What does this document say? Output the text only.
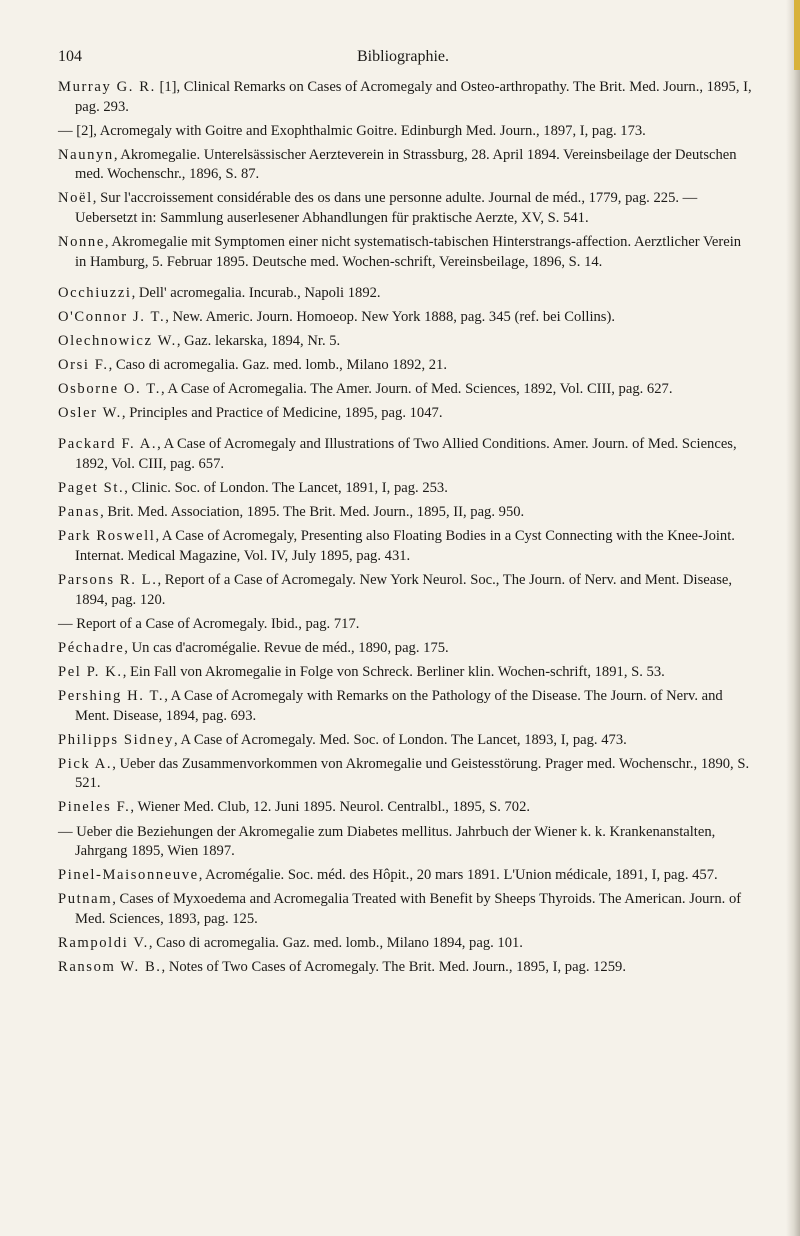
Bibliographie.
104
Murray G. R. [1], Clinical Remarks on Cases of Acromegaly and Osteo-arthropathy. The Brit. Med. Journ., 1895, I, pag. 293.
— [2], Acromegaly with Goitre and Exophthalmic Goitre. Edinburgh Med. Journ., 1897, I, pag. 173.
Naunyn, Akromegalie. Unterelsässischer Aerzteverein in Strassburg, 28. April 1894. Vereinsbeilage der Deutschen med. Wochenschr., 1896, S. 87.
Noël, Sur l'accroissement considérable des os dans une personne adulte. Journal de méd., 1779, pag. 225. — Uebersetzt in: Sammlung auserlesener Abhandlungen für praktische Aerzte, XV, S. 541.
Nonne, Akromegalie mit Symptomen einer nicht systematisch-tabischen Hinterstrangs-affection. Aerztlicher Verein in Hamburg, 5. Februar 1895. Deutsche med. Wochen-schrift, Vereinsbeilage, 1896, S. 14.
Occhiuzzi, Dell' acromegalia. Incurab., Napoli 1892.
O'Connor J. T., New. Americ. Journ. Homoeop. New York 1888, pag. 345 (ref. bei Collins).
Olechnowicz W., Gaz. lekarska, 1894, Nr. 5.
Orsi F., Caso di acromegalia. Gaz. med. lomb., Milano 1892, 21.
Osborne O. T., A Case of Acromegalia. The Amer. Journ. of Med. Sciences, 1892, Vol. CIII, pag. 627.
Osler W., Principles and Practice of Medicine, 1895, pag. 1047.
Packard F. A., A Case of Acromegaly and Illustrations of Two Allied Conditions. Amer. Journ. of Med. Sciences, 1892, Vol. CIII, pag. 657.
Paget St., Clinic. Soc. of London. The Lancet, 1891, I, pag. 253.
Panas, Brit. Med. Association, 1895. The Brit. Med. Journ., 1895, II, pag. 950.
Park Roswell, A Case of Acromegaly, Presenting also Floating Bodies in a Cyst Connecting with the Knee-Joint. Internat. Medical Magazine, Vol. IV, July 1895, pag. 431.
Parsons R. L., Report of a Case of Acromegaly. New York Neurol. Soc., The Journ. of Nerv. and Ment. Disease, 1894, pag. 120.
— Report of a Case of Acromegaly. Ibid., pag. 717.
Péchadre, Un cas d'acromégalie. Revue de méd., 1890, pag. 175.
Pel P. K., Ein Fall von Akromegalie in Folge von Schreck. Berliner klin. Wochen-schrift, 1891, S. 53.
Pershing H. T., A Case of Acromegaly with Remarks on the Pathology of the Disease. The Journ. of Nerv. and Ment. Disease, 1894, pag. 693.
Philipps Sidney, A Case of Acromegaly. Med. Soc. of London. The Lancet, 1893, I, pag. 473.
Pick A., Ueber das Zusammenvorkommen von Akromegalie und Geistesstörung. Prager med. Wochenschr., 1890, S. 521.
Pineles F., Wiener Med. Club, 12. Juni 1895. Neurol. Centralbl., 1895, S. 702.
— Ueber die Beziehungen der Akromegalie zum Diabetes mellitus. Jahrbuch der Wiener k. k. Krankenanstalten, Jahrgang 1895, Wien 1897.
Pinel-Maisonneuve, Acromégalie. Soc. méd. des Hôpit., 20 mars 1891. L'Union médicale, 1891, I, pag. 457.
Putnam, Cases of Myxoedema and Acromegalia Treated with Benefit by Sheeps Thyroids. The American. Journ. of Med. Sciences, 1893, pag. 125.
Rampoldi V., Caso di acromegalia. Gaz. med. lomb., Milano 1894, pag. 101.
Ransom W. B., Notes of Two Cases of Acromegaly. The Brit. Med. Journ., 1895, I, pag. 1259.
